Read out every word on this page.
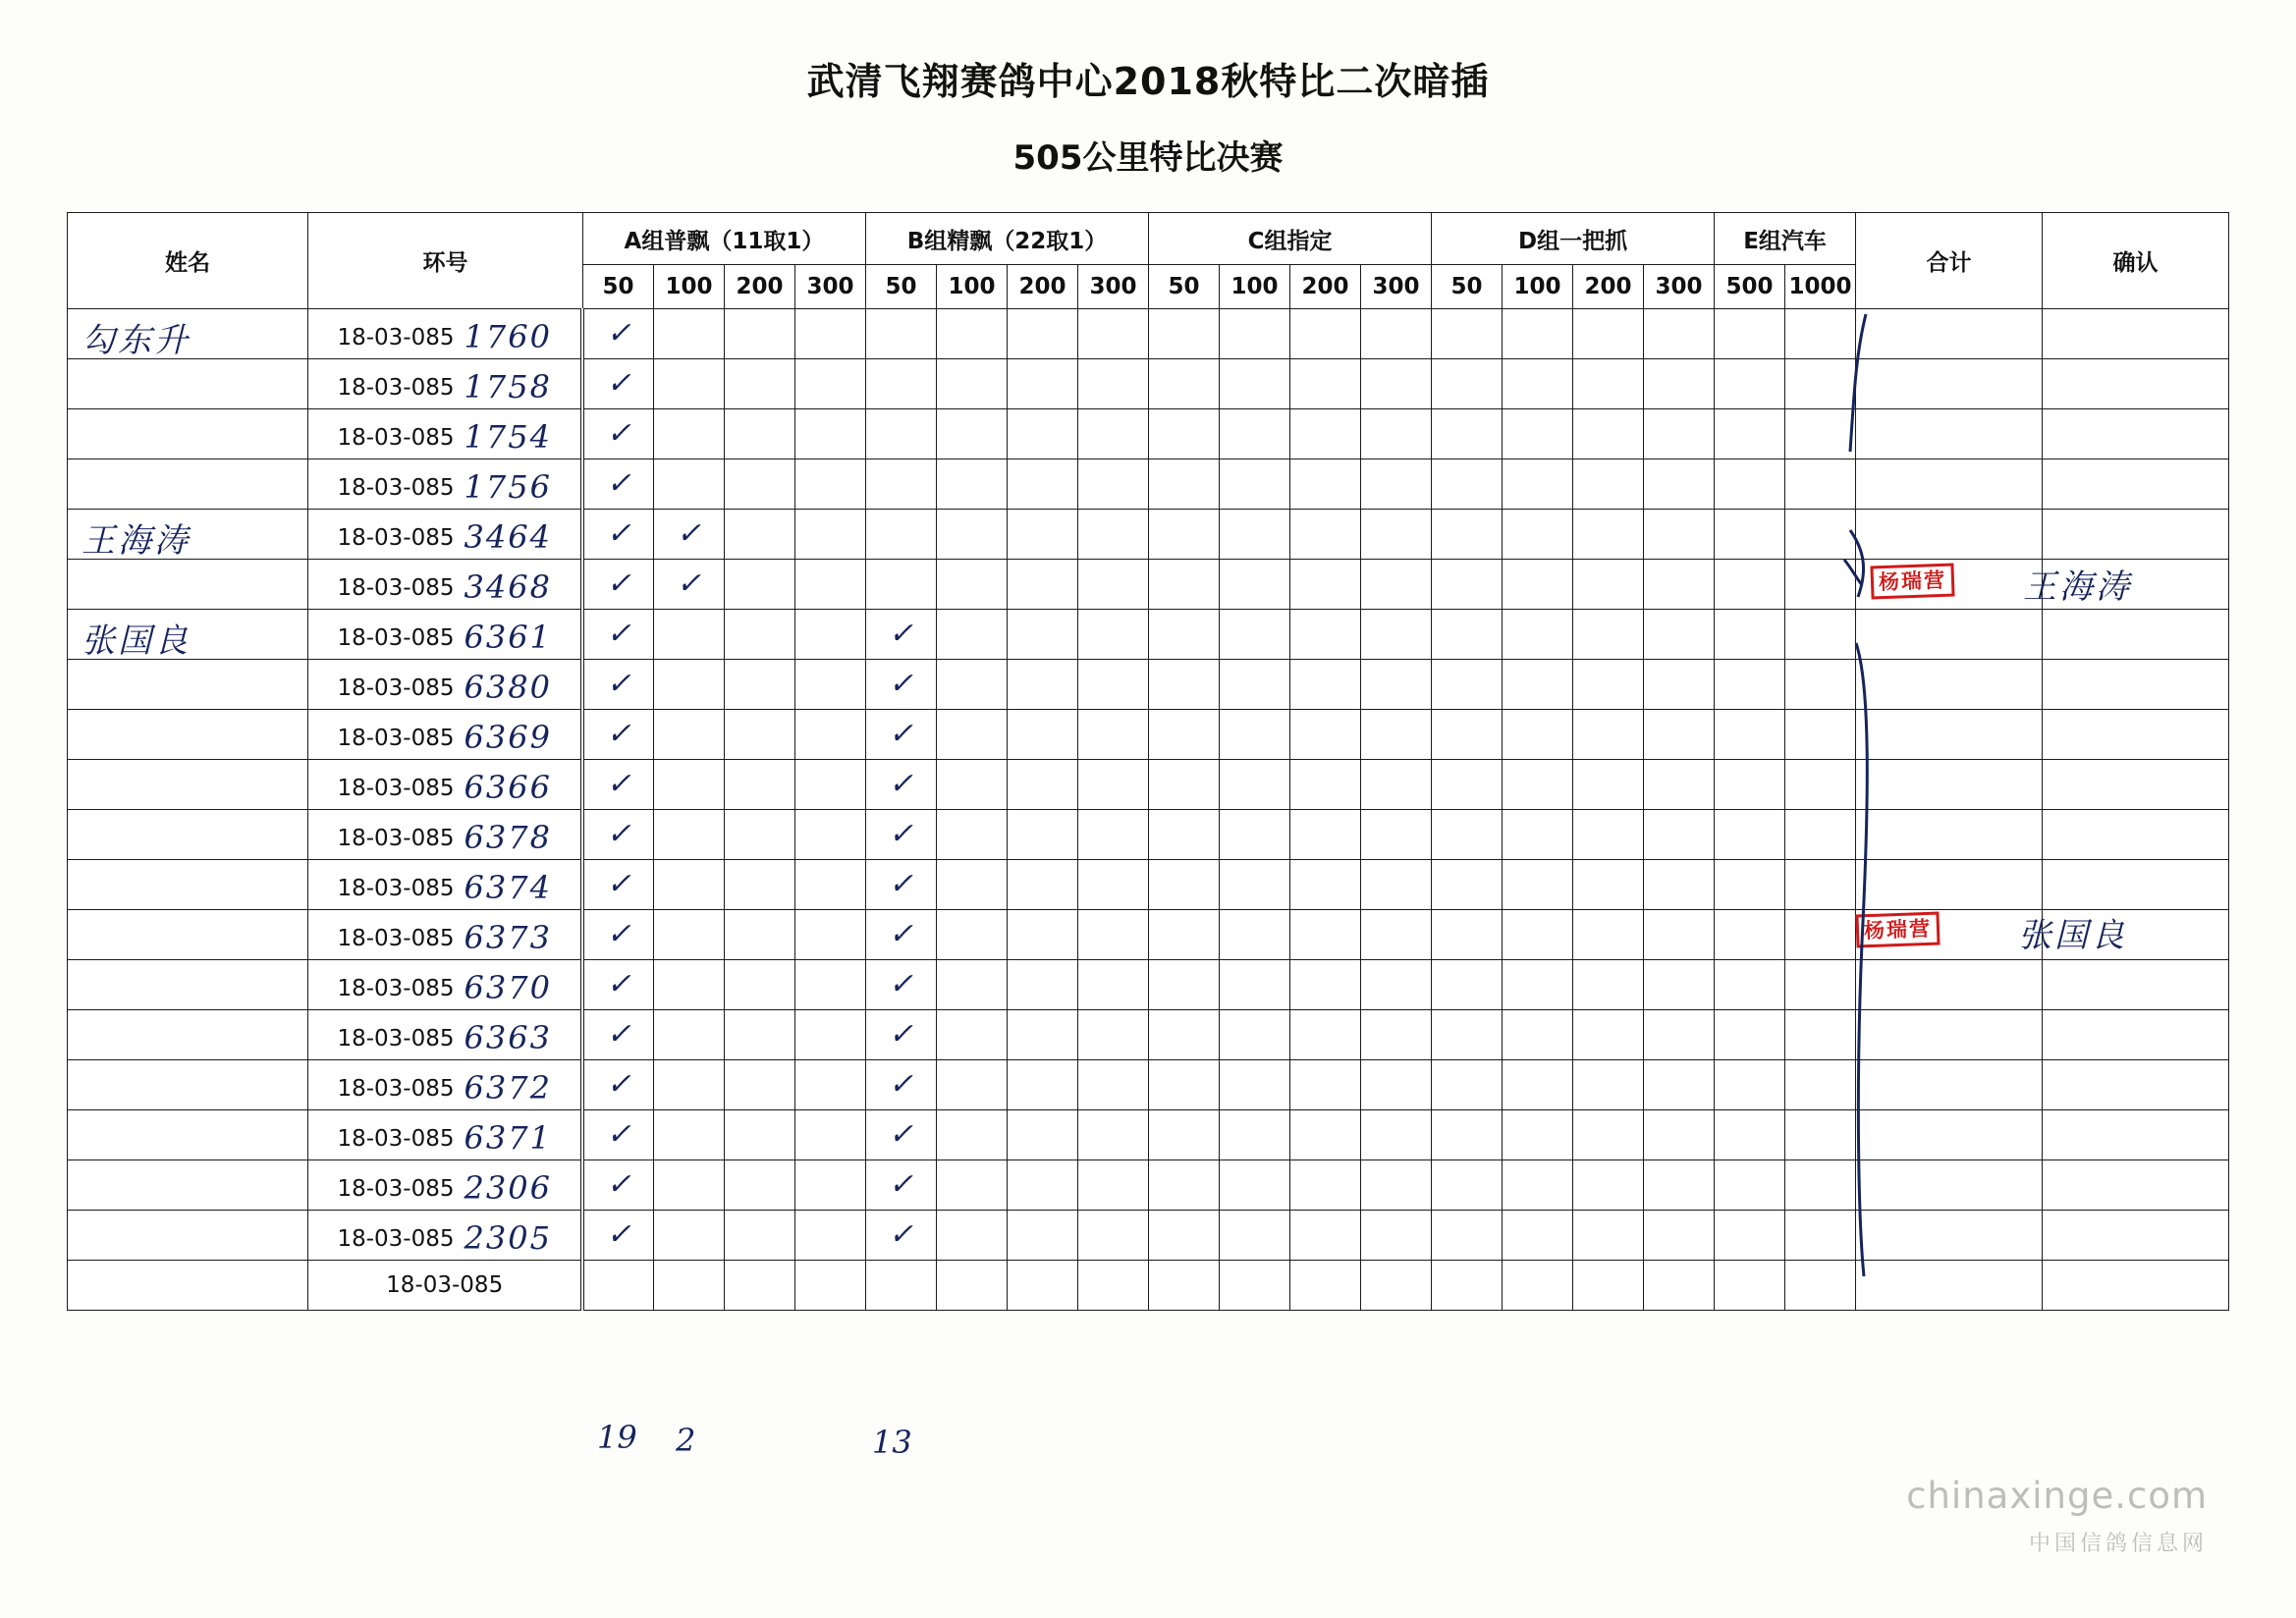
武清飞翔赛鸽中心2018秋特比二次暗插
505公里特比决赛
姓名	环号	A组普飘（11取1）				B组精飘（22取1）				C组指定				D组一把抓				E组汽车		合计	确认
		50	100	200	300	50	100	200	300	50	100	200	300	50	100	200	300	500	1000		

勾东升	18-03-085 1760	✓																			

	18-03-085 1758	✓																			

	18-03-085 1754	✓																			

	18-03-085 1756	✓																			

王海涛	18-03-085 3464	✓	✓																		

	18-03-085 3468	✓	✓																		

张国良	18-03-085 6361	✓				✓															

	18-03-085 6380	✓				✓															

	18-03-085 6369	✓				✓															

	18-03-085 6366	✓				✓															

	18-03-085 6378	✓				✓															

	18-03-085 6374	✓				✓															

	18-03-085 6373	✓				✓															

	18-03-085 6370	✓				✓															

	18-03-085 6363	✓				✓															

	18-03-085 6372	✓				✓															

	18-03-085 6371	✓				✓															

	18-03-085 2306	✓				✓															

	18-03-085 2305	✓				✓															

	18-03-085																				
杨瑞营 王海涛
杨瑞营	张国良
19 2	13
chinaxinge.com
中国信鸽信息网
